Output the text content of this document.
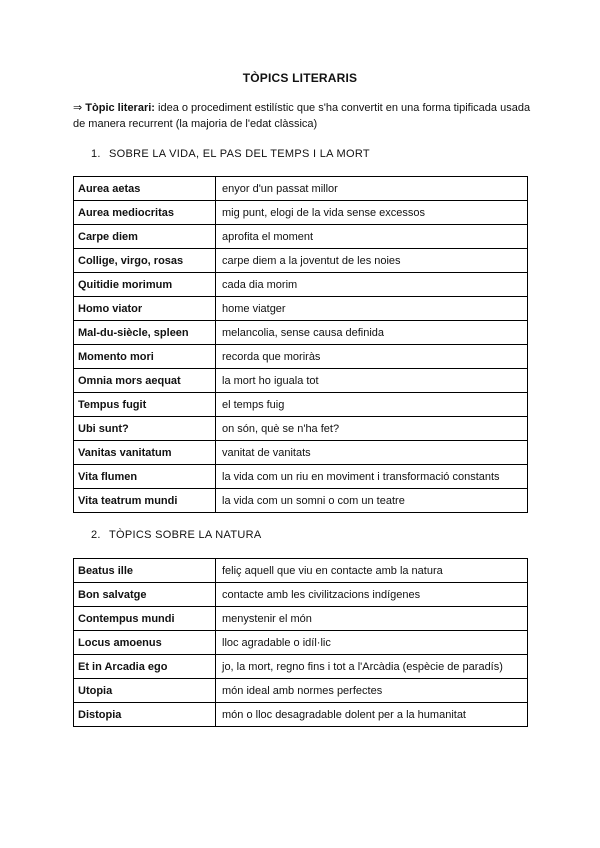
TÒPICS LITERARIS
⇒ Tòpic literari: idea o procediment estilístic que s'ha convertit en una forma tipificada usada de manera recurrent (la majoria de l'edat clàssica)
1. SOBRE LA VIDA, EL PAS DEL TEMPS I LA MORT
Aurea aetas	enyor d'un passat millor
Aurea mediocritas	mig punt, elogi de la vida sense excessos
Carpe diem	aprofita el moment
Collige, virgo, rosas	carpe diem a la joventut de les noies
Quitidie morimum	cada dia morim
Homo viator	home viatger
Mal-du-siècle, spleen	melancolia, sense causa definida
Momento mori	recorda que moriràs
Omnia mors aequat	la mort ho iguala tot
Tempus fugit	el temps fuig
Ubi sunt?	on són, què se n'ha fet?
Vanitas vanitatum	vanitat de vanitats
Vita flumen	la vida com un riu en moviment i transformació constants
Vita teatrum mundi	la vida com un somni o com un teatre
2. TÒPICS SOBRE LA NATURA
Beatus ille	feliç aquell que viu en contacte amb la natura
Bon salvatge	contacte amb les civilitzacions indígenes
Contempus mundi	menystenir el món
Locus amoenus	lloc agradable o idíl·lic
Et in Arcadia ego	jo, la mort, regno fins i tot a l'Arcàdia (espècie de paradís)
Utopia	món ideal amb normes perfectes
Distopia	món o lloc desagradable dolent per a la humanitat
